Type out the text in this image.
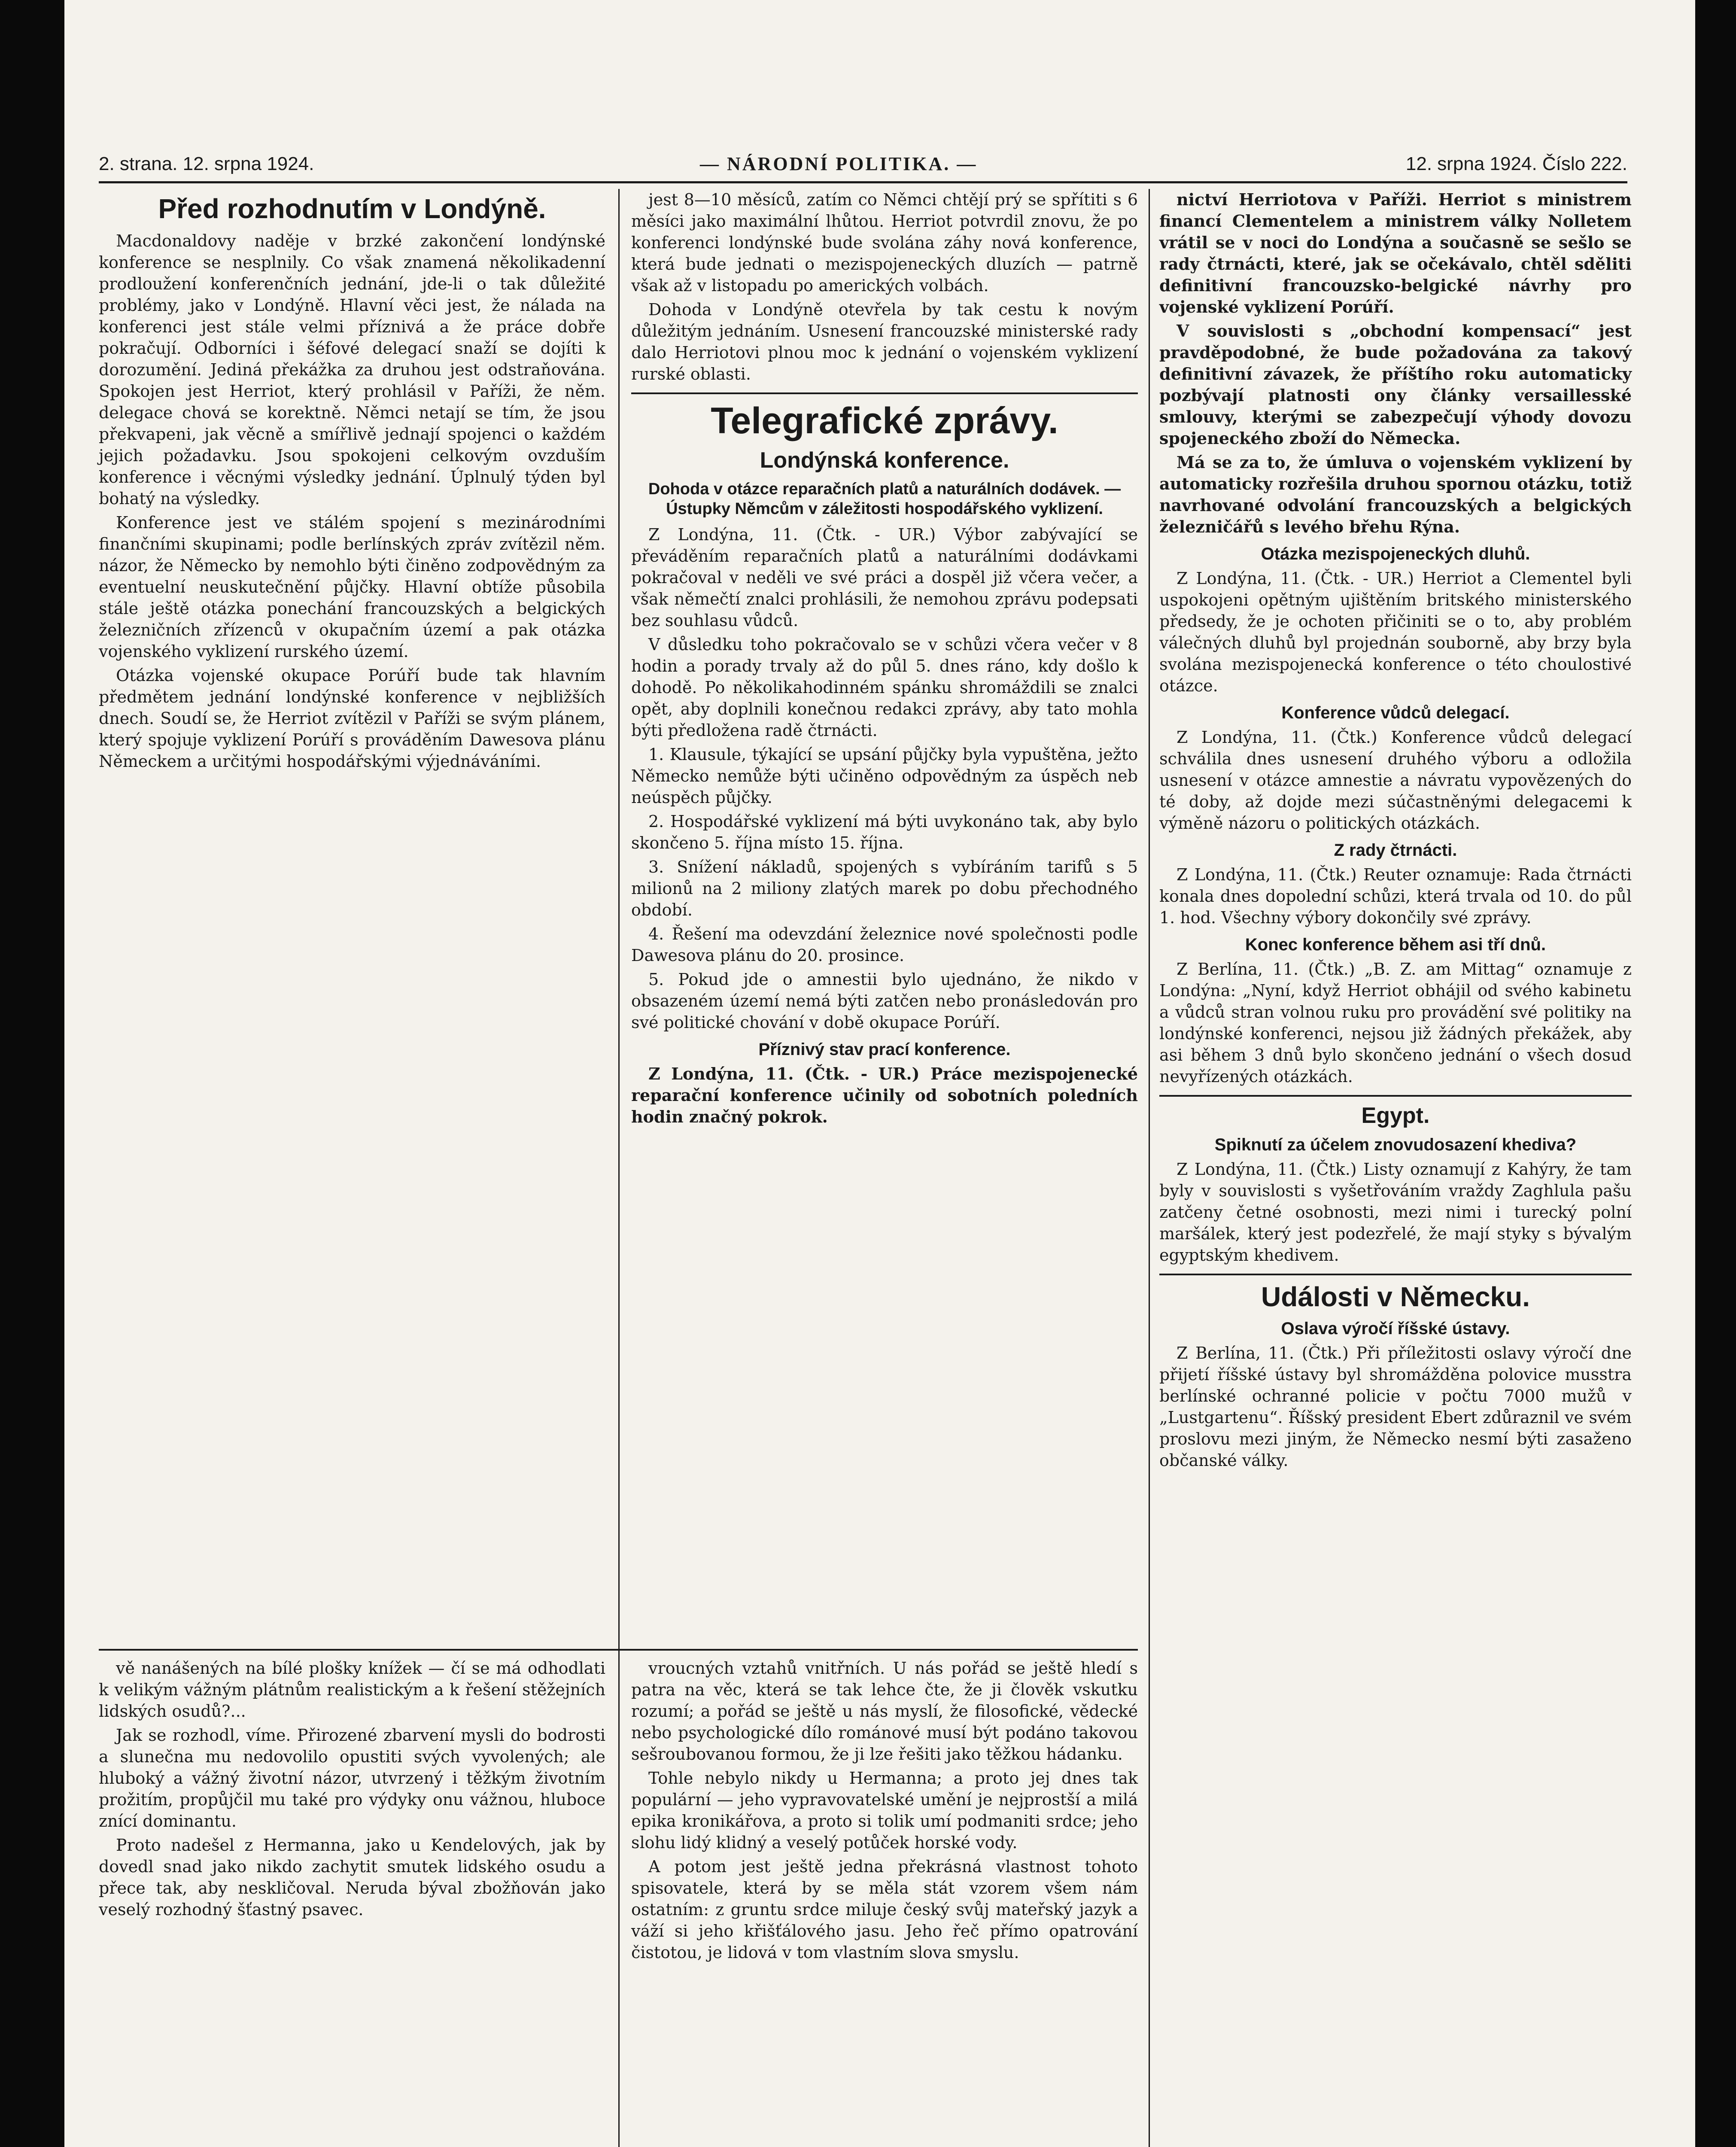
2. strana. 12. srpna 1924.	— NÁRODNÍ POLITIKA. —	12. srpna 1924. Číslo 222.
Před rozhodnutím v Londýně.

Macdonaldovy naděje v brzké zakončení londýnské konference se nesplnily. Co však znamená několikadenní prodloužení konferenčních jednání, jde-li o tak důležité problémy, jako v Londýně. Hlavní věci jest, že nálada na konferenci jest stále velmi příznivá a že práce dobře pokračují. Odborníci i šéfové delegací snaží se dojíti k dorozumění. Jediná překážka za druhou jest odstraňována. Spokojen jest Herriot, který prohlásil v Paříži, že něm. delegace chová se korektně. Němci netají se tím, že jsou překvapeni, jak věcně a smířlivě jednají spojenci o každém jejich požadavku. Jsou spokojeni celkovým ovzduším konference i věcnými výsledky jednání. Úplnulý týden byl bohatý na výsledky.

Konference jest ve stálém spojení s mezinárodními finančními skupinami; podle berlínských zpráv zvítězil něm. názor, že Německo by nemohlo býti činěno zodpovědným za eventuelní neuskutečnění půjčky. Hlavní obtíže působila stále ještě otázka ponechání francouzských a belgických železničních zřízenců v okupačním území a pak otázka vojenského vyklizení rurského území.

Otázka vojenské okupace Porúří bude tak hlavním předmětem jednání londýnské konference v nejbližších dnech. Soudí se, že Herriot zvítězil v Paříži se svým plánem, který spojuje vyklizení Porúří s prováděním Dawesova plánu Německem a určitými hospodářskými výjednáváními.

jest 8—10 měsíců, zatím co Němci chtějí prý se spřítiti s 6 měsíci jako maximální lhůtou. Herriot potvrdil znovu, že po konferenci londýnské bude svolána záhy nová konference, která bude jednati o mezispojeneckých dluzích — patrně však až v listopadu po amerických volbách.

Dohoda v Londýně otevřela by tak cestu k novým důležitým jednáním. Usnesení francouzské ministerské rady dalo Herriotovi plnou moc k jednání o vojenském vyklizení rurské oblasti.

Telegrafické zprávy.
Londýnská konference.
Dohoda v otázce reparačních platů a naturálních dodávek. — Ústupky Němcům v záležitosti hospodářského vyklizení.

Z Londýna, 11. (Čtk. - UR.) Výbor zabývající se převáděním reparačních platů a naturálními dodávkami pokračoval v neděli ve své práci a dospěl již včera večer, a však němečtí znalci prohlásili, že nemohou zprávu podepsati bez souhlasu vůdců.

V důsledku toho pokračovalo se v schůzi včera večer v 8 hodin a porady trvaly až do půl 5. dnes ráno, kdy došlo k dohodě. Po několikahodinném spánku shromáždili se znalci opět, aby doplnili konečnou redakci zprávy, aby tato mohla býti předložena radě čtrnácti.

1. Klausule, týkající se upsání půjčky byla vypuštěna, ježto Německo nemůže býti učiněno odpovědným za úspěch neb neúspěch půjčky.

2. Hospodářské vyklizení má býti uvykonáno tak, aby bylo skončeno 5. října místo 15. října.

3. Snížení nákladů, spojených s vybíráním tarifů s 5 milionů na 2 miliony zlatých marek po dobu přechodného období.

4. Řešení ma odevzdání železnice nové společnosti podle Dawesova plánu do 20. prosince.

5. Pokud jde o amnestii bylo ujednáno, že nikdo v obsazeném území nemá býti zatčen nebo pronásledován pro své politické chování v době okupace Porúří.

Příznivý stav prací konference.

Z Londýna, 11. (Čtk. - UR.) Práce mezispojenecké reparační konference učinily od sobotních poledních hodin značný pokrok.

nictví Herriotova v Paříži. Herriot s ministrem financí Clementelem a ministrem války Nolletem vrátil se v noci do Londýna a současně se sešlo se rady čtrnácti, které, jak se očekávalo, chtěl sděliti definitivní francouzsko-belgické návrhy pro vojenské vyklizení Porúří.

V souvislosti s „obchodní kompensací“ jest pravděpodobné, že bude požadována za takový definitivní závazek, že příštího roku automaticky pozbývají platnosti ony články versaillesské smlouvy, kterými se zabezpečují výhody dovozu spojeneckého zboží do Německa.

Má se za to, že úmluva o vojenském vyklizení by automaticky rozřešila druhou spornou otázku, totiž navrhované odvolání francouzských a belgických železničářů s levého břehu Rýna.

Otázka mezispojeneckých dluhů.

Z Londýna, 11. (Čtk. - UR.) Herriot a Clementel byli uspokojeni opětným ujištěním britského ministerského předsedy, že je ochoten přičiniti se o to, aby problém válečných dluhů byl projednán souborně, aby brzy byla svolána mezispojenecká konference o této choulostivé otázce.

Konference vůdců delegací.

Z Londýna, 11. (Čtk.) Konference vůdců delegací schválila dnes usnesení druhého výboru a odložila usnesení v otázce amnestie a návratu vypovězených do té doby, až dojde mezi súčastněnými delegacemi k výměně názoru o politických otázkách.

Z rady čtrnácti.

Z Londýna, 11. (Čtk.) Reuter oznamuje: Rada čtrnácti konala dnes dopolední schůzi, která trvala od 10. do půl 1. hod. Všechny výbory dokončily své zprávy.

Konec konference během asi tří dnů.

Z Berlína, 11. (Čtk.) „B. Z. am Mittag“ oznamuje z Londýna: „Nyní, když Herriot obhájil od svého kabinetu a vůdců stran volnou ruku pro provádění své politiky na londýnské konferenci, nejsou již žádných překážek, aby asi během 3 dnů bylo skončeno jednání o všech dosud nevyřízených otázkách.

Egypt.
Spiknutí za účelem znovudosazení khediva?

Z Londýna, 11. (Čtk.) Listy oznamují z Kahýry, že tam byly v souvislosti s vyšetřováním vraždy Zaghlula pašu zatčeny četné osobnosti, mezi nimi i turecký polní maršálek, který jest podezřelé, že mají styky s bývalým egyptským khedivem.

Události v Německu.
Oslava výročí říšské ústavy.

Z Berlína, 11. (Čtk.) Při příležitosti oslavy výročí dne přijetí říšské ústavy byl shromážděna polovice musstra berlínské ochranné policie v počtu 7000 mužů v „Lustgartenu“. Říšský president Ebert zdůraznil ve svém proslovu mezi jiným, že Německo nesmí býti zasaženo občanské války.

vě nanášených na bílé plošky knížek — čí se má odhodlati k velikým vážným plátnům realistickým a k řešení stěžejních lidských osudů?...

Jak se rozhodl, víme. Přirozené zbarvení mysli do bodrosti a slunečna mu nedovolilo opustiti svých vyvolených; ale hluboký a vážný životní názor, utvrzený i těžkým životním prožitím, propůjčil mu také pro výdyky onu vážnou, hluboce znící dominantu.

Proto nadešel z Hermanna, jako u Kendelových, jak by dovedl snad jako nikdo zachytit smutek lidského osudu a přece tak, aby neskličoval. Neruda býval zbožňován jako veselý rozhodný šťastný psavec.

vroucných vztahů vnitřních. U nás pořád se ještě hledí s patra na věc, která se tak lehce čte, že ji člověk vskutku rozumí; a pořád se ještě u nás myslí, že filosofické, vědecké nebo psychologické dílo románové musí být podáno takovou sešroubovanou formou, že ji lze řešiti jako těžkou hádanku.

Tohle nebylo nikdy u Hermanna; a proto jej dnes tak populární — jeho vypravovatelské umění je nejprostší a milá epika kronikářova, a proto si tolik umí podmaniti srdce; jeho slohu lidý klidný a veselý potůček horské vody.

A potom jest ještě jedna překrásná vlastnost tohoto spisovatele, která by se měla stát vzorem všem nám ostatním: z gruntu srdce miluje český svůj mateřský jazyk a váží si jeho křišťálového jasu. Jeho řeč přímo opatrování čistotou, je lidová v tom vlastním slova smyslu.
